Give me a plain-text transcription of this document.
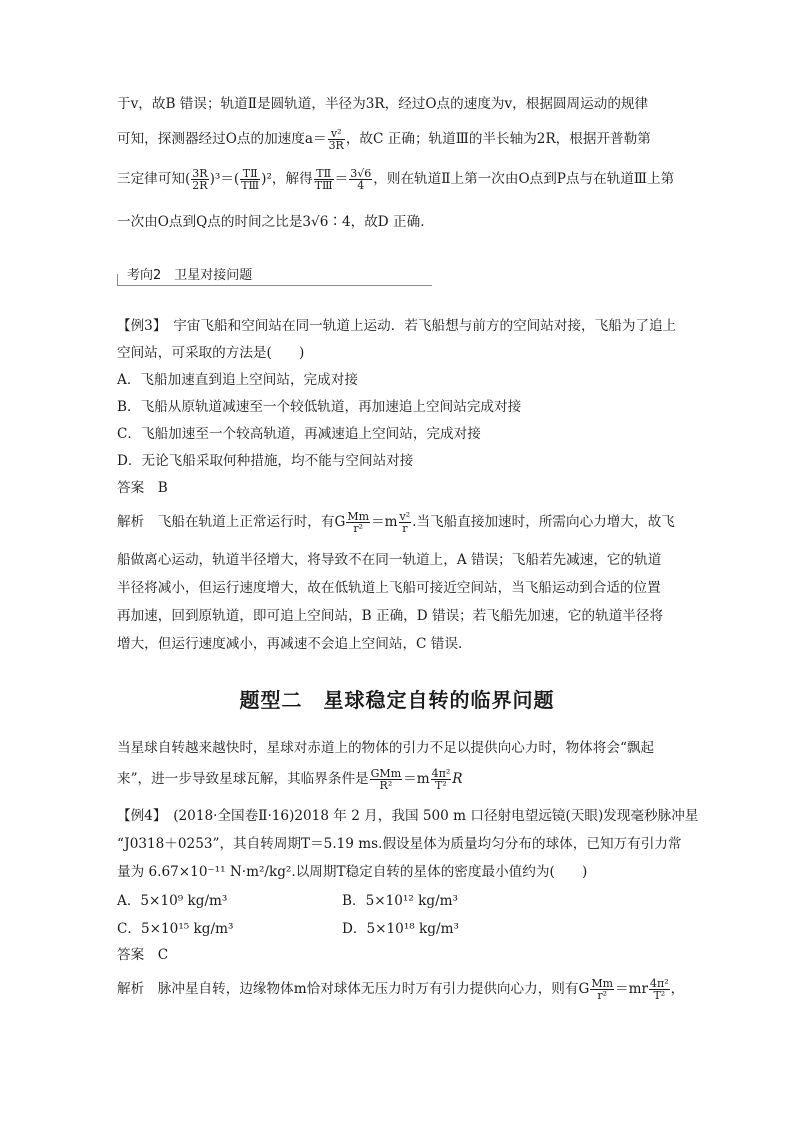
于v，故B 错误；轨道Ⅱ是圆轨道，半径为3R，经过O点的速度为v，根据圆周运动的规律
可知，探测器经过O点的加速度$a= \frac{\text{v²}}{3R}$ ，故C 正确；轨道Ⅲ的半长轴为2R，根据开普勒第
三定律可知( $\frac{3R}{2R} )^3=( \frac{\text{TⅡ}}{\text{TⅢ}} )^2$，解得 $\frac{\text{TⅡ}}{\text{TⅢ}} = \frac{3√6}{4}$ ，则在轨道Ⅱ上第一次由O点到P点与在轨道Ⅲ上第
一次由O点到Q点的时间之比是3√6∶4，故D 正确.
考向2　卫星对接问题
【例3】　宇宙飞船和空间站在同一轨道上运动．若飞船想与前方的空间站对接，飞船为了追上
空间站，可采取的方法是(　　)
A．飞船加速直到追上空间站，完成对接
B．飞船从原轨道减速至一个较低轨道，再加速追上空间站完成对接
C．飞船加速至一个较高轨道，再减速追上空间站，完成对接
D．无论飞船采取何种措施，均不能与空间站对接
答案　B
解析　飞船在轨道上正常运行时，有G $\frac{Mm}{\text{r²}} =m \frac{\text{v²}}{r}$ .当飞船直接加速时，所需向心力增大，故飞
船做离心运动，轨道半径增大，将导致不在同一轨道上，A 错误；飞船若先减速，它的轨道
半径将减小，但运行速度增大，故在低轨道上飞船可接近空间站，当飞船运动到合适的位置
再加速，回到原轨道，即可追上空间站，B 正确，D 错误；若飞船先加速，它的轨道半径将
增大，但运行速度减小，再减速不会追上空间站，C 错误.
题型二　星球稳定自转的临界问题
当星球自转越来越快时，星球对赤道上的物体的引力不足以提供向心力时，物体将会“飘起
来”，进一步导致星球瓦解，其临界条件是 $\frac{\text{GMm}}{\text{R²}} =m \frac{\text{4π²}}{\text{T²}}$ R
【例4】　(2018·全国卷Ⅱ·16)2018 年 2 月，我国 500 m 口径射电望远镜(天眼)发现毫秒脉冲星
“J0318＋0253”，其自转周期T＝5.19 ms.假设星体为质量均匀分布的球体，已知万有引力常
量为 6.67×10⁻¹¹ N·m²/kg².以周期T稳定自转的星体的密度最小值约为(　　)
A．5×10⁹ kg/m³	B．5×10¹² kg/m³
C．5×10¹⁵ kg/m³	D．5×10¹⁸ kg/m³
答案　C
解析　脉冲星自转，边缘物体m恰对球体无压力时万有引力提供向心力，则有G $\frac{Mm}{\text{r²}} =mr \frac{\text{4π²}}{\text{T²}}$ ，
